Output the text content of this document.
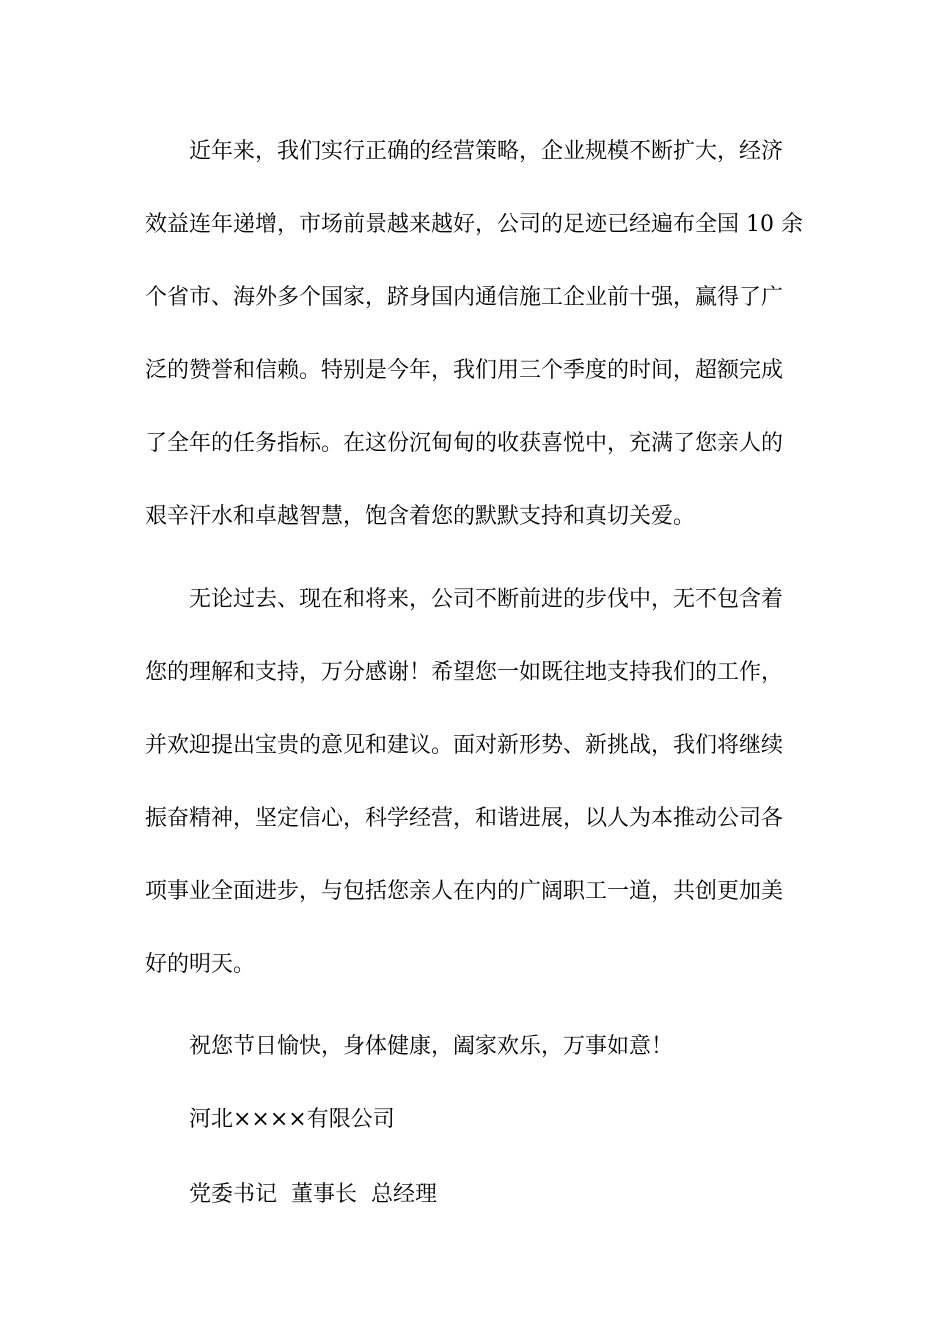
近年来，我们实行正确的经营策略，企业规模不断扩大，经济
效益连年递增，市场前景越来越好，公司的足迹已经遍布全国 10 余
个省市、海外多个国家，跻身国内通信施工企业前十强，赢得了广
泛的赞誉和信赖。特别是今年，我们用三个季度的时间，超额完成
了全年的任务指标。在这份沉甸甸的收获喜悦中，充满了您亲人的
艰辛汗水和卓越智慧，饱含着您的默默支持和真切关爱。
无论过去、现在和将来，公司不断前进的步伐中，无不包含着
您的理解和支持，万分感谢！希望您一如既往地支持我们的工作，
并欢迎提出宝贵的意见和建议。面对新形势、新挑战，我们将继续
振奋精神，坚定信心，科学经营，和谐进展，以人为本推动公司各
项事业全面进步，与包括您亲人在内的广阔职工一道，共创更加美
好的明天。
祝您节日愉快，身体健康，阖家欢乐，万事如意！
河北××××有限公司
党委书记  董事长  总经理
